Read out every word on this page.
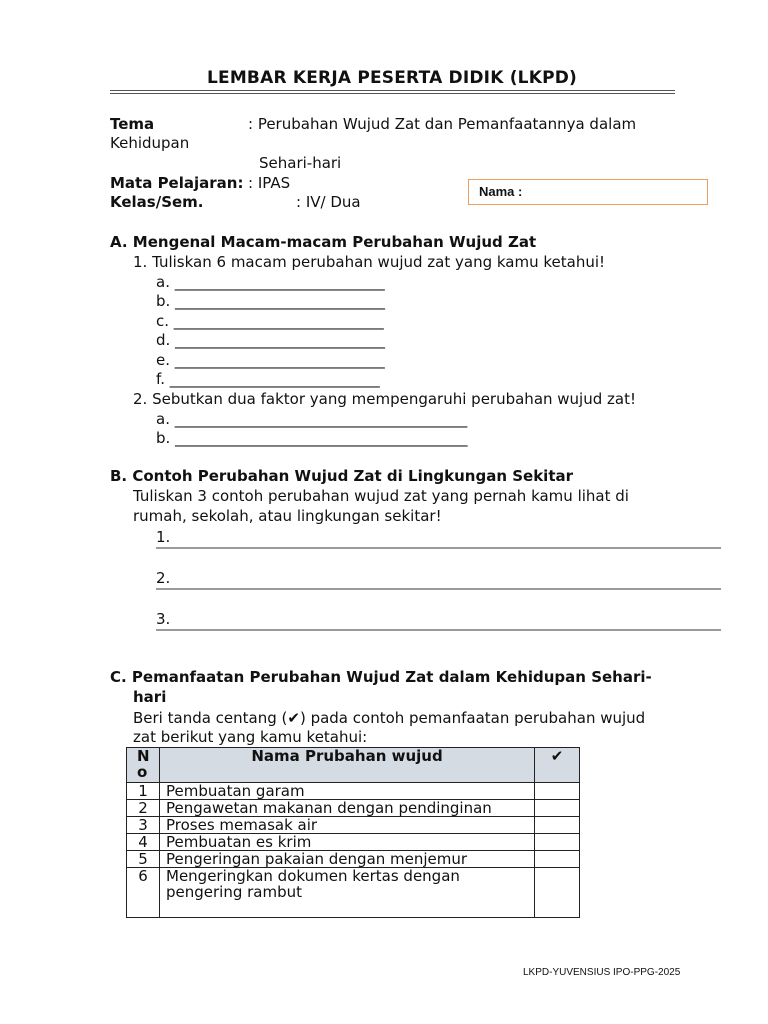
LEMBAR KERJA PESERTA DIDIK (LKPD)
Tema	: Perubahan Wujud Zat dan Pemanfaatannya dalam
Kehidupan
Sehari-hari
Mata Pelajaran: : IPAS
Kelas/Sem.	: IV/ Dua
Nama :
A. Mengenal Macam-macam Perubahan Wujud Zat
1. Tuliskan 6 macam perubahan wujud zat yang kamu ketahui!
a. ____________________________
b. ____________________________
c. ____________________________
d. ____________________________
e. ____________________________
f. ____________________________
2. Sebutkan dua faktor yang mempengaruhi perubahan wujud zat!
a. _______________________________________
b. _______________________________________
B. Contoh Perubahan Wujud Zat di Lingkungan Sekitar
Tuliskan 3 contoh perubahan wujud zat yang pernah kamu lihat di
rumah, sekolah, atau lingkungan sekitar!
1.
2.
3.
C. Pemanfaatan Perubahan Wujud Zat dalam Kehidupan Sehari-
hari
Beri tanda centang (✔) pada contoh pemanfaatan perubahan wujud
zat berikut yang kamu ketahui:
N
o	Nama Prubahan wujud	✔
1	Pembuatan garam	
2	Pengawetan makanan dengan pendinginan	
3	Proses memasak air	
4	Pembuatan es krim	
5	Pengeringan pakaian dengan menjemur	
6	Mengeringkan dokumen kertas dengan
pengering rambut	

LKPD-YUVENSIUS IPO-PPG-2025
